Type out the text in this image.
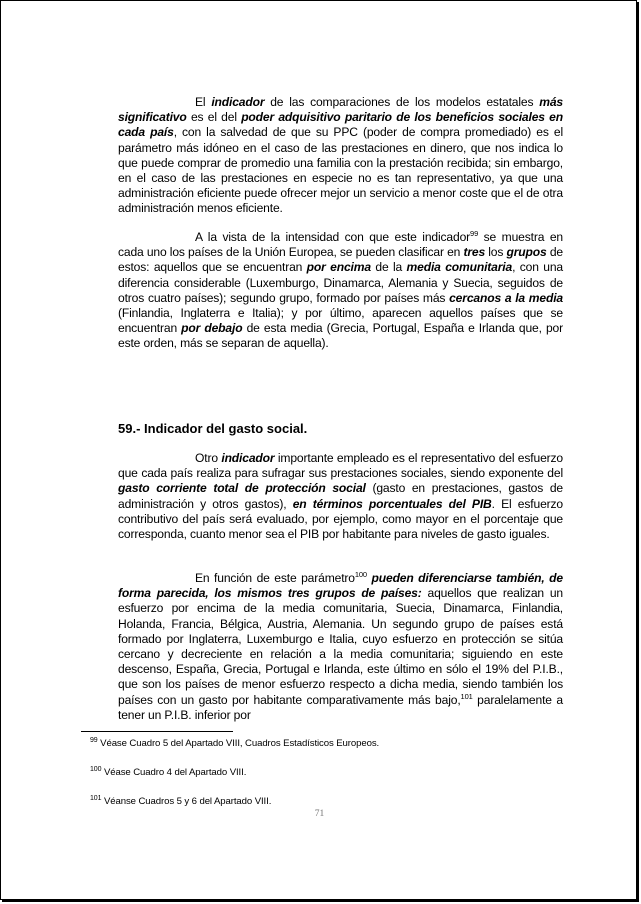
El indicador de las comparaciones de los modelos estatales más significativo es el del poder adquisitivo paritario de los beneficios sociales en cada país, con la salvedad de que su PPC (poder de compra promediado) es el parámetro más idóneo en el caso de las prestaciones en dinero, que nos indica lo que puede comprar de promedio una familia con la prestación recibida; sin embargo, en el caso de las prestaciones en especie no es tan representativo, ya que una administración eficiente puede ofrecer mejor un servicio a menor coste que el de otra administración menos eficiente.

A la vista de la intensidad con que este indicador$^{99}$ se muestra en cada uno los países de la Unión Europea, se pueden clasificar en tres los grupos de estos: aquellos que se encuentran por encima de la media comunitaria, con una diferencia considerable (Luxemburgo, Dinamarca, Alemania y Suecia, seguidos de otros cuatro países); segundo grupo, formado por países más cercanos a la media (Finlandia, Inglaterra e Italia); y por último, aparecen aquellos países que se encuentran por debajo de esta media (Grecia, Portugal, España e Irlanda que, por este orden, más se separan de aquella).

59.- Indicador del gasto social.

Otro indicador importante empleado es el representativo del esfuerzo que cada país realiza para sufragar sus prestaciones sociales, siendo exponente del gasto corriente total de protección social (gasto en prestaciones, gastos de administración y otros gastos), en términos porcentuales del PIB. El esfuerzo contributivo del país será evaluado, por ejemplo, como mayor en el porcentaje que corresponda, cuanto menor sea el PIB por habitante para niveles de gasto iguales.

En función de este parámetro$^{100}$ pueden diferenciarse también, de forma parecida, los mismos tres grupos de países: aquellos que realizan un esfuerzo por encima de la media comunitaria, Suecia, Dinamarca, Finlandia, Holanda, Francia, Bélgica, Austria, Alemania. Un segundo grupo de países está formado por Inglaterra, Luxemburgo e Italia, cuyo esfuerzo en protección se sitúa cercano y decreciente en relación a la media comunitaria; siguiendo en este descenso, España, Grecia, Portugal e Irlanda, este último en sólo el 19% del P.I.B., que son los países de menor esfuerzo respecto a dicha media, siendo también los países con un gasto por habitante comparativamente más bajo,$^{101}$ paralelamente a tener un P.I.B. inferior por

$^{99}$ Véase Cuadro 5 del Apartado VIII, Cuadros Estadísticos Europeos.
$^{100}$ Véase Cuadro 4 del Apartado VIII.
$^{101}$ Véanse Cuadros 5 y 6 del Apartado VIII.
71
